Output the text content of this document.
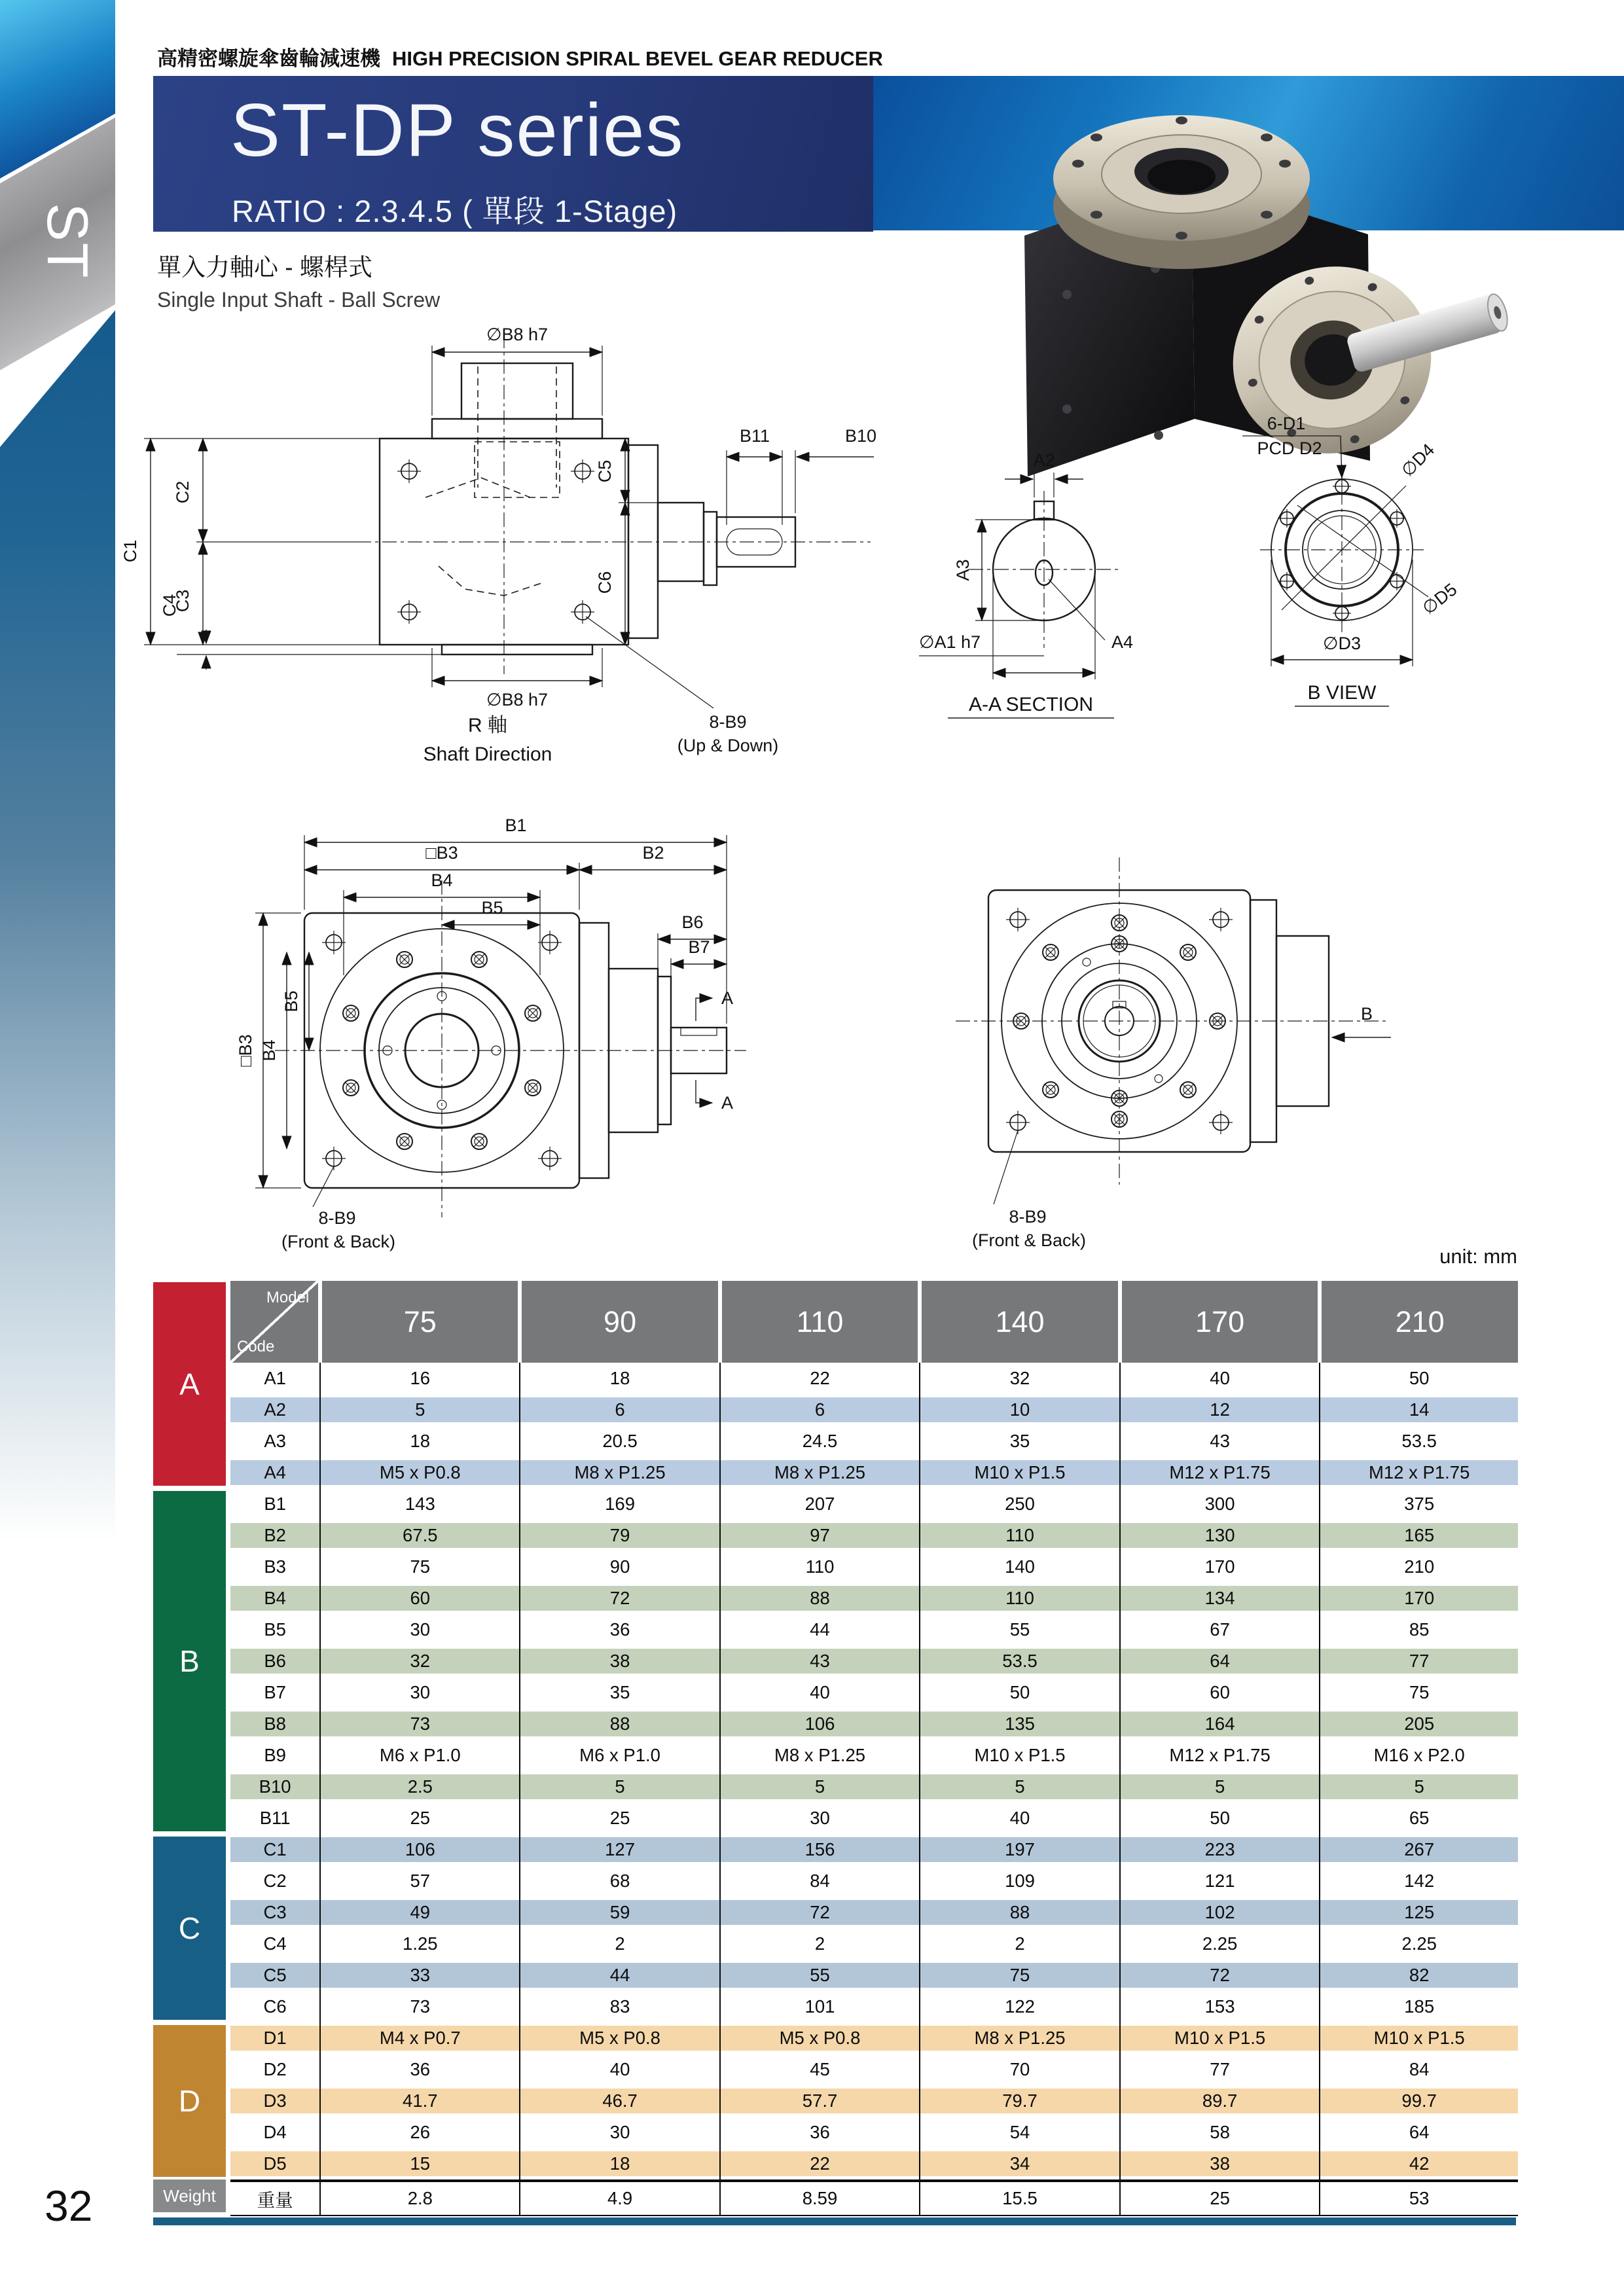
ST
高精密螺旋傘齒輪減速機 HIGH PRECISION SPIRAL BEVEL GEAR REDUCER
ST-DP series
RATIO : 2.3.4.5 ( 單段 1-Stage)
單入力軸心 - 螺桿式
Single Input Shaft - Ball Screw
∅B8 h7
C1
C2
C3
C4
∅B8 h7
C5
C6
B11	B10
8-B9
(Up & Down)
R 軸
Shaft Direction
A2
A3
∅A1 h7	A4
A-A SECTION
6-D1
PCD D2	∅D4
∅D5
∅D3
B VIEW
A
A
B1
□B3	B2
B4
B5
□B3 B4
B5
B6
B7
8-B9
(Front & Back)
B
8-B9
(Front & Back)
unit: mm
A
B
C
D
Weight
Model
Code	75	90	110	140	170	210
A1	16	18	22	32	40	50
A2	5	6	6	10	12	14
A3	18	20.5	24.5	35	43	53.5
A4	M5 x P0.8	M8 x P1.25	M8 x P1.25	M10 x P1.5	M12 x P1.75	M12 x P1.75
B1	143	169	207	250	300	375
B2	67.5	79	97	110	130	165
B3	75	90	110	140	170	210
B4	60	72	88	110	134	170
B5	30	36	44	55	67	85
B6	32	38	43	53.5	64	77
B7	30	35	40	50	60	75
B8	73	88	106	135	164	205
B9	M6 x P1.0	M6 x P1.0	M8 x P1.25	M10 x P1.5	M12 x P1.75	M16 x P2.0
B10	2.5	5	5	5	5	5
B11	25	25	30	40	50	65
C1	106	127	156	197	223	267
C2	57	68	84	109	121	142
C3	49	59	72	88	102	125
C4	1.25	2	2	2	2.25	2.25
C5	33	44	55	75	72	82
C6	73	83	101	122	153	185
D1	M4 x P0.7	M5 x P0.8	M5 x P0.8	M8 x P1.25	M10 x P1.5	M10 x P1.5
D2	36	40	45	70	77	84
D3	41.7	46.7	57.7	79.7	89.7	99.7
D4	26	30	36	54	58	64
D5	15	18	22	34	38	42
重量	2.8	4.9	8.59	15.5	25	53
32
